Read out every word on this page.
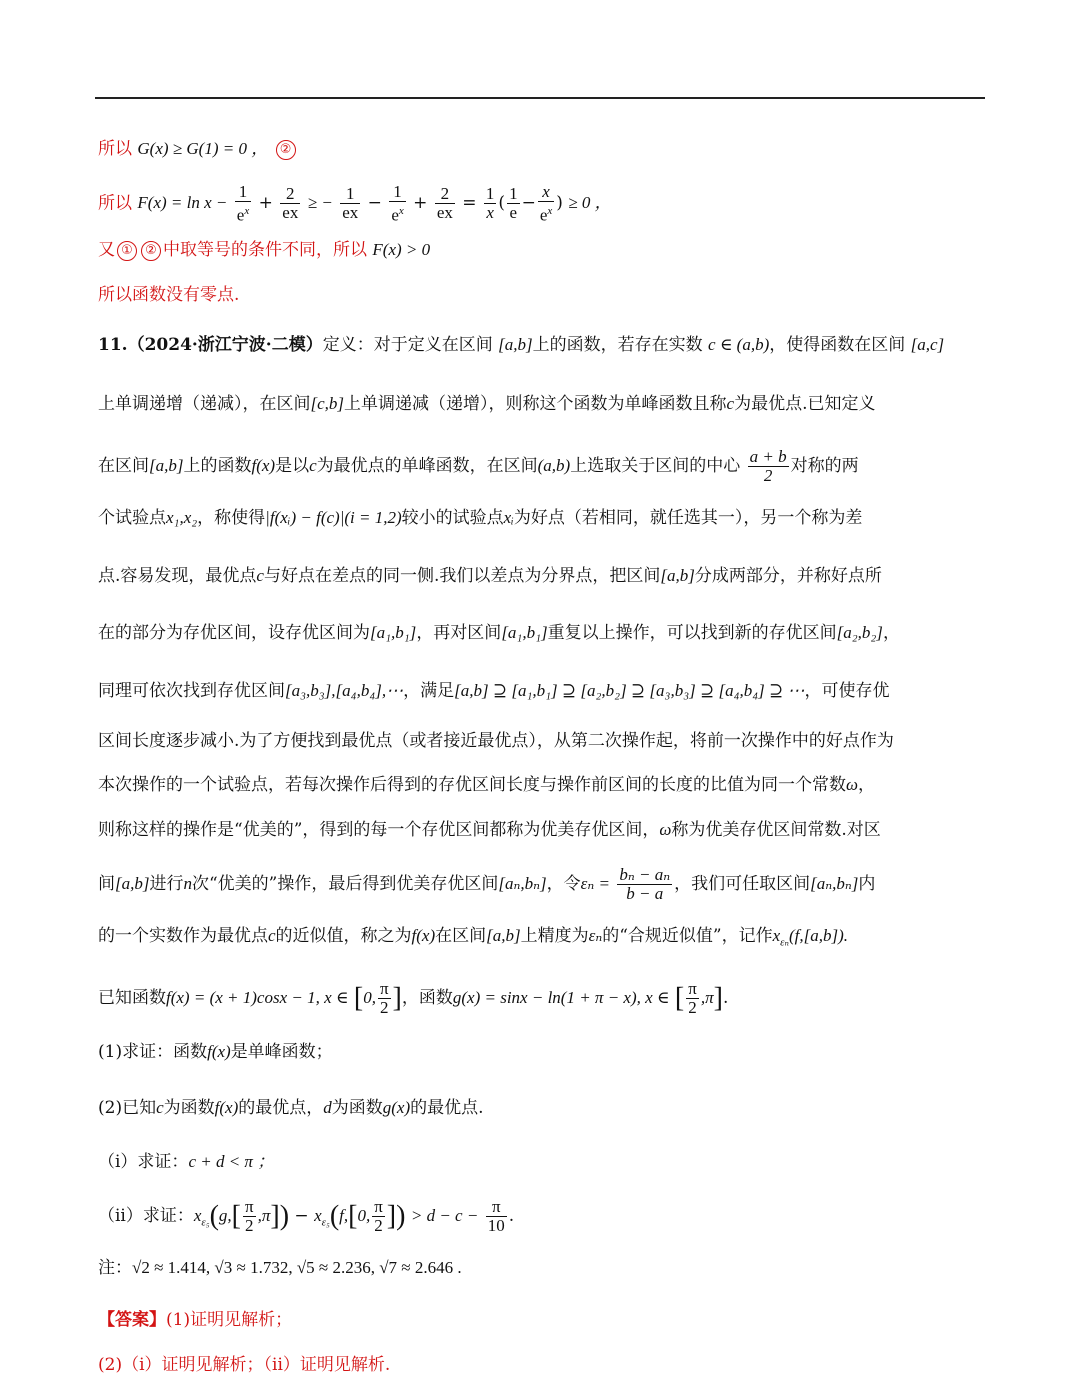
所以 G(x) ≥ G(1) = 0 ， ②
所以 $F(x) = \ln x - \frac{1}{e^x} + \frac{2}{ex}$ ≥ − $\frac{1}{ex} - \frac{1}{e^x} + \frac{2}{ex} = \frac{1}{x}$ ( $\frac{1}{e} - \frac{x}{e^x}$ ) ≥ 0 ，
又 ① ② 中取等号的条件不同，所以 F(x) > 0
所以函数没有零点.
11.（2024·浙江宁波·二模）定义：对于定义在区间 [a,b]上的函数，若存在实数 c ∈ (a,b)，使得函数在区间 [a,c]
上单调递增（递减），在区间[c,b]上单调递减（递增），则称这个函数为单峰函数且称c为最优点.已知定义
在区间[a,b]上的函数f(x)是以c为最优点的单峰函数，在区间(a,b)上选取关于区间的中心 $\frac{a + b}{2}$ 对称的两
个试验点x₁,x₂，称使得|f(xᵢ) − f(c)|(i = 1,2)较小的试验点xᵢ为好点（若相同，就任选其一），另一个称为差
点.容易发现，最优点c与好点在差点的同一侧.我们以差点为分界点，把区间[a,b]分成两部分，并称好点所
在的部分为存优区间，设存优区间为[a₁,b₁]，再对区间[a₁,b₁]重复以上操作，可以找到新的存优区间[a₂,b₂]，
同理可依次找到存优区间[a₃,b₃],[a₄,b₄],⋯，满足[a,b] ⊇ [a₁,b₁] ⊇ [a₂,b₂] ⊇ [a₃,b₃] ⊇ [a₄,b₄] ⊇ ⋯，可使存优
区间长度逐步减小.为了方便找到最优点（或者接近最优点），从第二次操作起，将前一次操作中的好点作为
本次操作的一个试验点，若每次操作后得到的存优区间长度与操作前区间的长度的比值为同一个常数ω，
则称这样的操作是“优美的”，得到的每一个存优区间都称为优美存优区间，ω称为优美存优区间常数.对区
间[a,b]进行n次“优美的”操作，最后得到优美存优区间[aₙ,bₙ]，令$\varepsilon_n = \frac{\text{bₙ − aₙ}}{b - a}$ ，我们可任取区间[aₙ,bₙ]内
的一个实数作为最优点c的近似值，称之为f(x)在区间[a,b]上精度为εₙ的“合规近似值”，记作$x_{\varepsilon_n}(f,[a,b])$.
已知函数f(x) = (x + 1)cosx − 1, x ∈ [0, $\frac{\pi}{2}$ ]，函数g(x) = sinx − ln(1 + π − x), x ∈ [ $\frac{\pi}{2} ,\pi$].
(1)求证：函数f(x)是单峰函数；
(2)已知c为函数f(x)的最优点，d为函数g(x)的最优点.
（i）求证：c + d < π ；
（ii）求证：$x_{\varepsilon_5}(g,[ \frac{\pi}{2} ,\pi]) - x_{\varepsilon_5}(f,[0$, $\frac{\pi}{2}$ ]) > $d - c - \frac{\pi}{10}$ .
注：√2 ≈ 1.414, √3 ≈ 1.732, √5 ≈ 2.236, √7 ≈ 2.646 .
【答案】(1)证明见解析；
(2)（i）证明见解析；（ii）证明见解析.
